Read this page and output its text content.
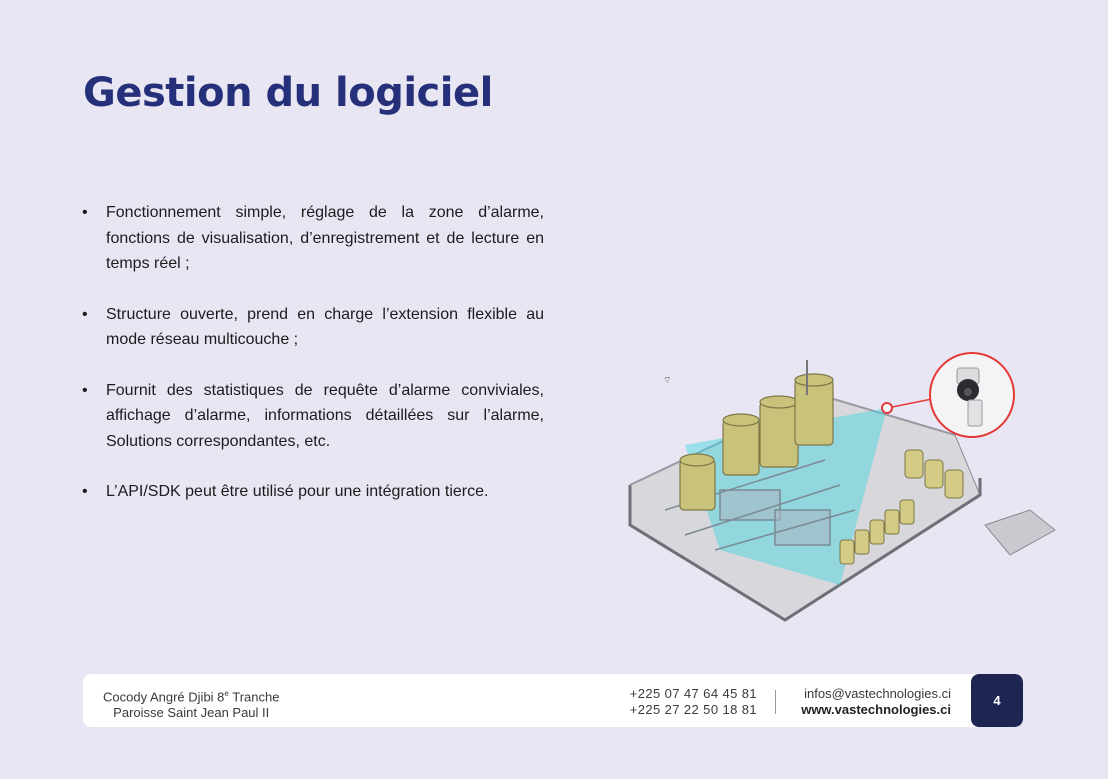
Gestion du logiciel
• Fonctionnement simple, réglage de la zone d’alarme, fonctions de visualisation, d’enregistrement et de lecture en temps réel ;
• Structure ouverte, prend en charge l’extension flexible au mode réseau multicouche ;
• Fournit des statistiques de requête d’alarme conviviales, affichage d’alarme, informations détaillées sur l’alarme, Solutions correspondantes, etc.
• L’API/SDK peut être utilisé pour une intégration tierce.
⌔
Cocody Angré Djibi 8e Tranche
Paroisse Saint Jean Paul II
+225 07 47 64 45 81
+225 27 22 50 18 81
infos@vastechnologies.ci
www.vastechnologies.ci
4
